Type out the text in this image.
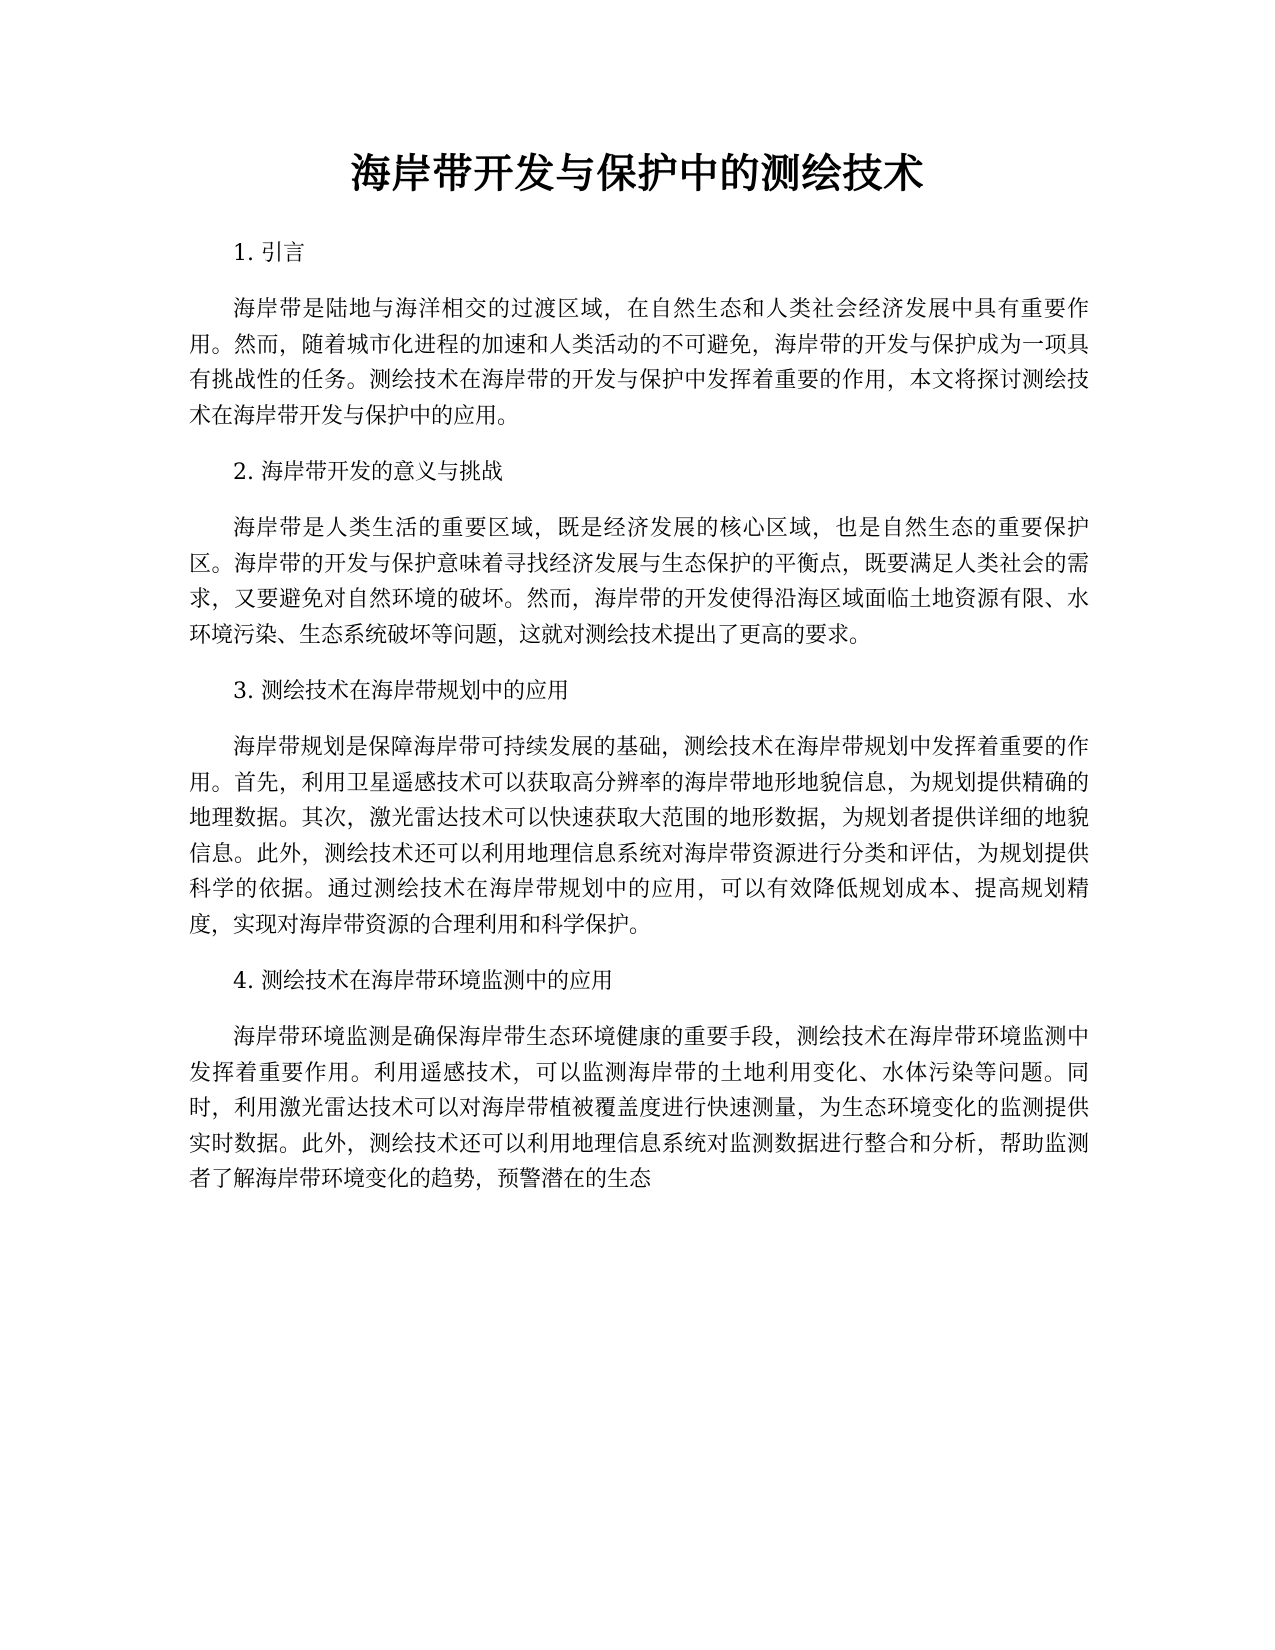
海岸带开发与保护中的测绘技术

1. 引言

海岸带是陆地与海洋相交的过渡区域，在自然生态和人类社会经济发展中具有重要作用。然而，随着城市化进程的加速和人类活动的不可避免，海岸带的开发与保护成为一项具有挑战性的任务。测绘技术在海岸带的开发与保护中发挥着重要的作用，本文将探讨测绘技术在海岸带开发与保护中的应用。

2. 海岸带开发的意义与挑战

海岸带是人类生活的重要区域，既是经济发展的核心区域，也是自然生态的重要保护区。海岸带的开发与保护意味着寻找经济发展与生态保护的平衡点，既要满足人类社会的需求，又要避免对自然环境的破坏。然而，海岸带的开发使得沿海区域面临土地资源有限、水环境污染、生态系统破坏等问题，这就对测绘技术提出了更高的要求。

3. 测绘技术在海岸带规划中的应用

海岸带规划是保障海岸带可持续发展的基础，测绘技术在海岸带规划中发挥着重要的作用。首先，利用卫星遥感技术可以获取高分辨率的海岸带地形地貌信息，为规划提供精确的地理数据。其次，激光雷达技术可以快速获取大范围的地形数据，为规划者提供详细的地貌信息。此外，测绘技术还可以利用地理信息系统对海岸带资源进行分类和评估，为规划提供科学的依据。通过测绘技术在海岸带规划中的应用，可以有效降低规划成本、提高规划精度，实现对海岸带资源的合理利用和科学保护。

4. 测绘技术在海岸带环境监测中的应用

海岸带环境监测是确保海岸带生态环境健康的重要手段，测绘技术在海岸带环境监测中发挥着重要作用。利用遥感技术，可以监测海岸带的土地利用变化、水体污染等问题。同时，利用激光雷达技术可以对海岸带植被覆盖度进行快速测量，为生态环境变化的监测提供实时数据。此外，测绘技术还可以利用地理信息系统对监测数据进行整合和分析，帮助监测者了解海岸带环境变化的趋势，预警潜在的生态
